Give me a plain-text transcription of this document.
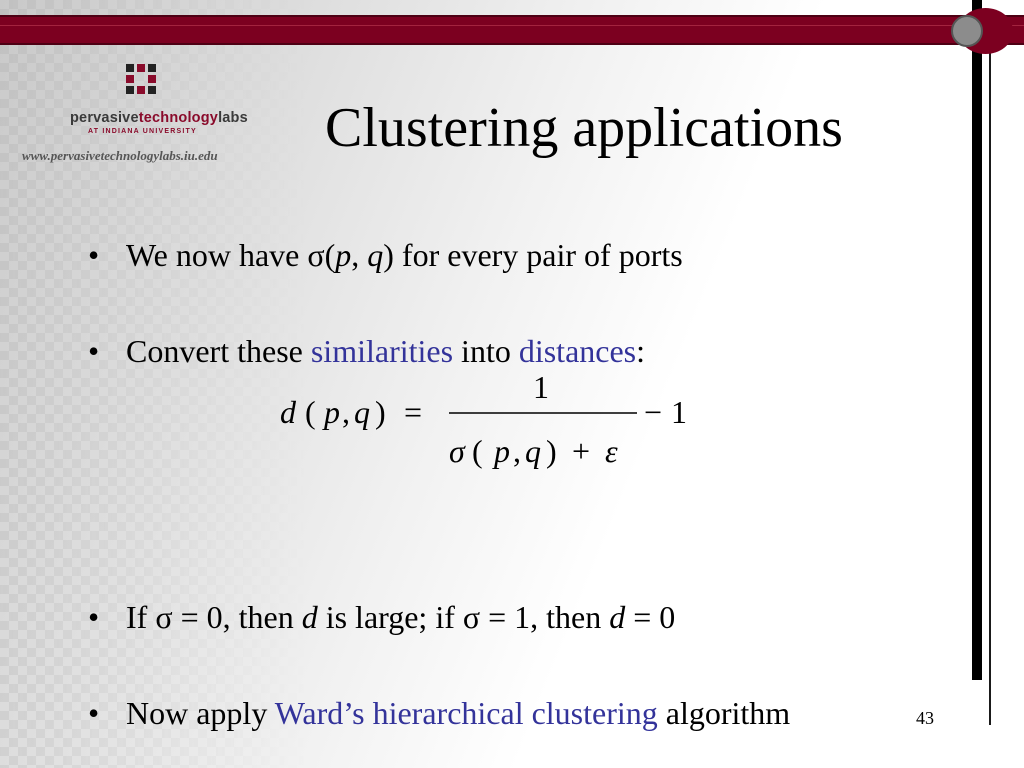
pervasivetechnologylabs
AT INDIANA UNIVERSITY
www.pervasivetechnologylabs.iu.edu Clustering applications
• We now have σ(p, q) for every pair of ports
• Convert these similarities into distances:
• If σ = 0, then d is large; if σ = 1, then d = 0
• Now apply Ward’s hierarchical clustering algorithm
d ( p , q ) =
1
σ ( p , q ) + ε
− 1
43
